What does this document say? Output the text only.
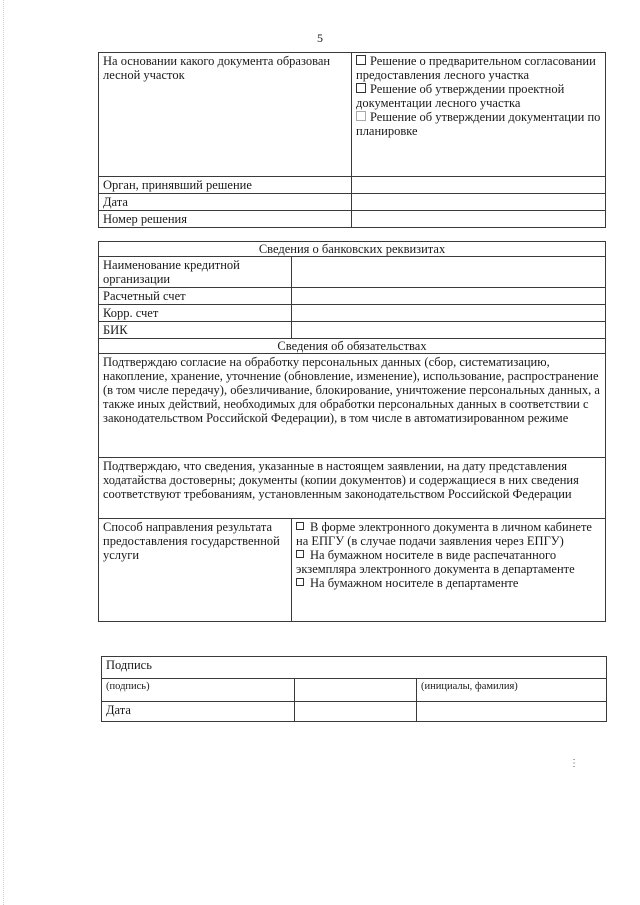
5
На основании какого документа образован лесной участок	Решение о предварительном согласовании предоставления лесного участка
Решение об утверждении проектной документации лесного участка
Решение об утверждении документации по планировке

Орган, принявший решение	
Дата	
Номер решения	
Сведения о банковских реквизитах	
Наименование кредитной организации	
Расчетный счет	
Корр. счет	
БИК	
Сведения об обязательствах	
Подтверждаю согласие на обработку персональных данных (сбор, систематизацию, накопление, хранение, уточнение (обновление, изменение), использование, распространение (в том числе передачу), обезличивание, блокирование, уничтожение персональных данных, а также иных действий, необходимых для обработки персональных данных в соответствии с законодательством Российской Федерации), в том числе в автоматизированном режиме	
Подтверждаю, что сведения, указанные в настоящем заявлении, на дату представления ходатайства достоверны; документы (копии документов) и содержащиеся в них сведения соответствуют требованиям, установленным законодательством Российской Федерации	
Способ направления результата предоставления государственной услуги	В форме электронного документа в личном кабинете на ЕПГУ (в случае подачи заявления через ЕПГУ)
На бумажном носителе в виде распечатанного экземпляра электронного документа в департаменте
На бумажном носителе в департаменте
Подпись		
(подпись)		(инициалы, фамилия)
Дата		
⋮
